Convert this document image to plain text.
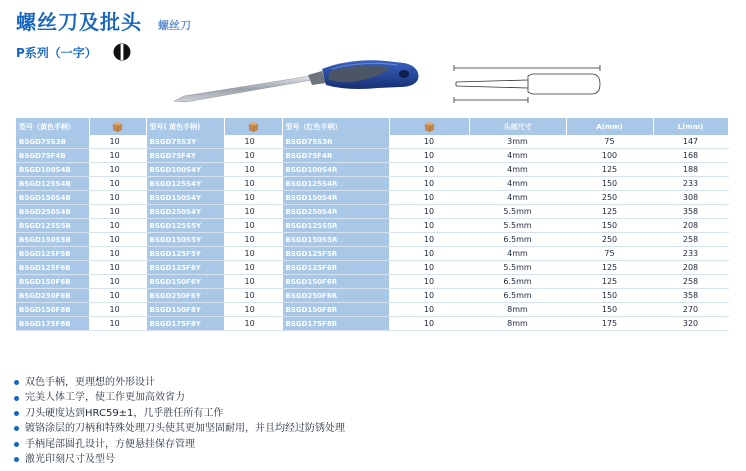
螺丝刀及批头 螺丝刀
P系列（一字）
型号（黄色手柄）		型号( 黄色手柄)		型号（红色手柄）		头部尺寸	A(mm)	L(mm)
BSGD75S3B	10	BSGD75S3Y	10	BSGD75S3R	10	3mm	75	147
BSGD75F4B	10	BSGD75F4Y	10	BSGD75F4R	10	4mm	100	168
BSGD100S4B	10	BSGD100S4Y	10	BSGD100S4R	10	4mm	125	188
BSGD125S4B	10	BSGD125S4Y	10	BSGD125S4R	10	4mm	150	233
BSGD150S4B	10	BSGD150S4Y	10	BSGD150S4R	10	4mm	250	308
BSGD250S4B	10	BSGD250S4Y	10	BSGD250S4R	10	5.5mm	125	358
BSGD125S5B	10	BSGD125S5Y	10	BSGD125S5R	10	5.5mm	150	208
BSGD150S5B	10	BSGD150S5Y	10	BSGD150S5R	10	6.5mm	250	258
BSGD125F5B	10	BSGD125F5Y	10	BSGD125F5R	10	4mm	75	233
BSGD125F6B	10	BSGD125F6Y	10	BSGD125F6R	10	5.5mm	125	208
BSGD150F6B	10	BSGD150F6Y	10	BSGD150F6R	10	6.5mm	125	258
BSGD250F6B	10	BSGD250F6Y	10	BSGD250F6R	10	6.5mm	150	358
BSGD150F8B	10	BSGD150F8Y	10	BSGD150F8R	10	8mm	150	270
BSGD175F8B	10	BSGD175F8Y	10	BSGD175F8R	10	8mm	175	320
双色手柄，更理想的外形设计
完美人体工学，使工作更加高效省力
刀头硬度达到HRC59±1，几乎胜任所有工作
镀铬涂层的刀柄和特殊处理刀头使其更加坚固耐用，并且均经过防锈处理
手柄尾部圆孔设计，方便悬挂保存管理
激光印刻尺寸及型号
